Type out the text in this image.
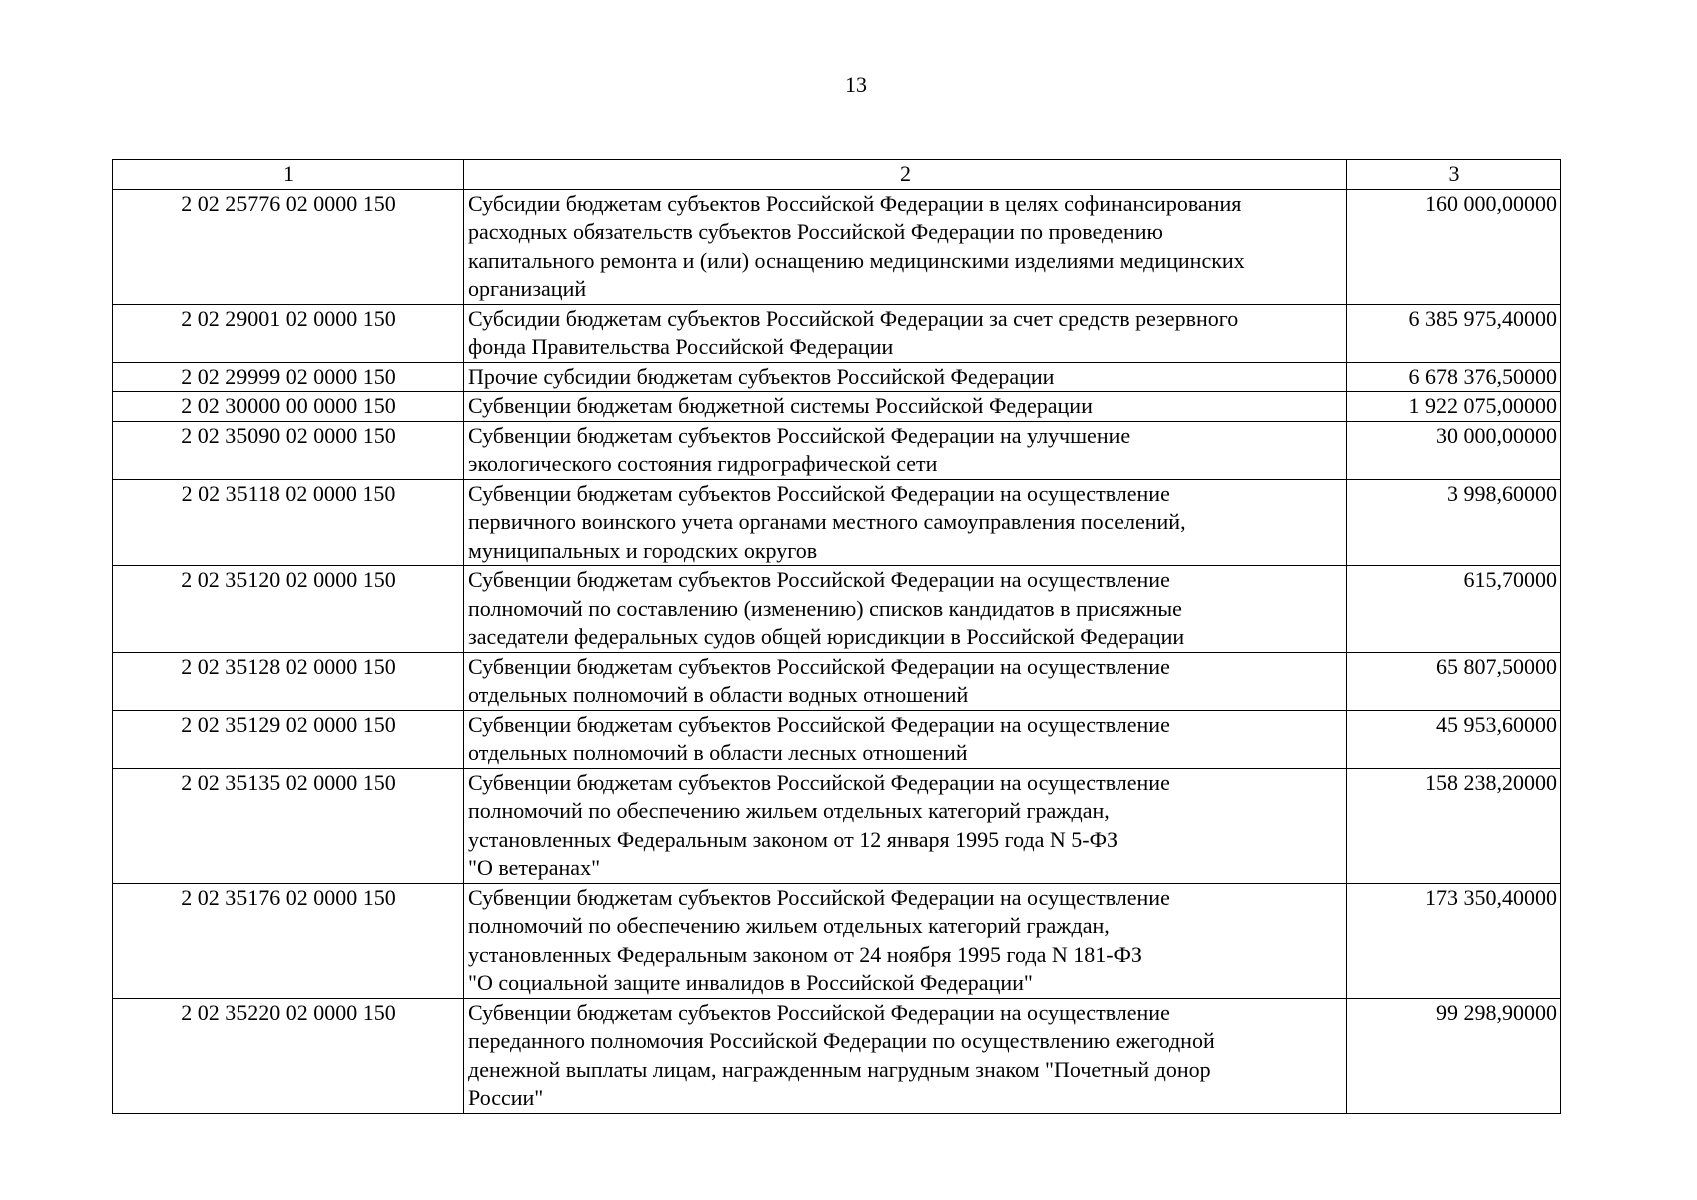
13
1	2	3
2 02 25776 02 0000 150	Субсидии бюджетам субъектов Российской Федерации в целях софинансирования
расходных обязательств субъектов Российской Федерации по проведению
капитального ремонта и (или) оснащению медицинскими изделиями медицинских
организаций	160 000,00000
2 02 29001 02 0000 150	Субсидии бюджетам субъектов Российской Федерации за счет средств резервного
фонда Правительства Российской Федерации	6 385 975,40000
2 02 29999 02 0000 150	Прочие субсидии бюджетам субъектов Российской Федерации	6 678 376,50000
2 02 30000 00 0000 150	Субвенции бюджетам бюджетной системы Российской Федерации	1 922 075,00000
2 02 35090 02 0000 150	Субвенции бюджетам субъектов Российской Федерации на улучшение
экологического состояния гидрографической сети	30 000,00000
2 02 35118 02 0000 150	Субвенции бюджетам субъектов Российской Федерации на осуществление
первичного воинского учета органами местного самоуправления поселений,
муниципальных и городских округов	3 998,60000
2 02 35120 02 0000 150	Субвенции бюджетам субъектов Российской Федерации на осуществление
полномочий по составлению (изменению) списков кандидатов в присяжные
заседатели федеральных судов общей юрисдикции в Российской Федерации	615,70000
2 02 35128 02 0000 150	Субвенции бюджетам субъектов Российской Федерации на осуществление
отдельных полномочий в области водных отношений	65 807,50000
2 02 35129 02 0000 150	Субвенции бюджетам субъектов Российской Федерации на осуществление
отдельных полномочий в области лесных отношений	45 953,60000
2 02 35135 02 0000 150	Субвенции бюджетам субъектов Российской Федерации на осуществление
полномочий по обеспечению жильем отдельных категорий граждан,
установленных Федеральным законом от 12 января 1995 года N 5-ФЗ
"О ветеранах"	158 238,20000
2 02 35176 02 0000 150	Субвенции бюджетам субъектов Российской Федерации на осуществление
полномочий по обеспечению жильем отдельных категорий граждан,
установленных Федеральным законом от 24 ноября 1995 года N 181-ФЗ
"О социальной защите инвалидов в Российской Федерации"	173 350,40000
2 02 35220 02 0000 150	Субвенции бюджетам субъектов Российской Федерации на осуществление
переданного полномочия Российской Федерации по осуществлению ежегодной
денежной выплаты лицам, награжденным нагрудным знаком "Почетный донор
России"	99 298,90000
